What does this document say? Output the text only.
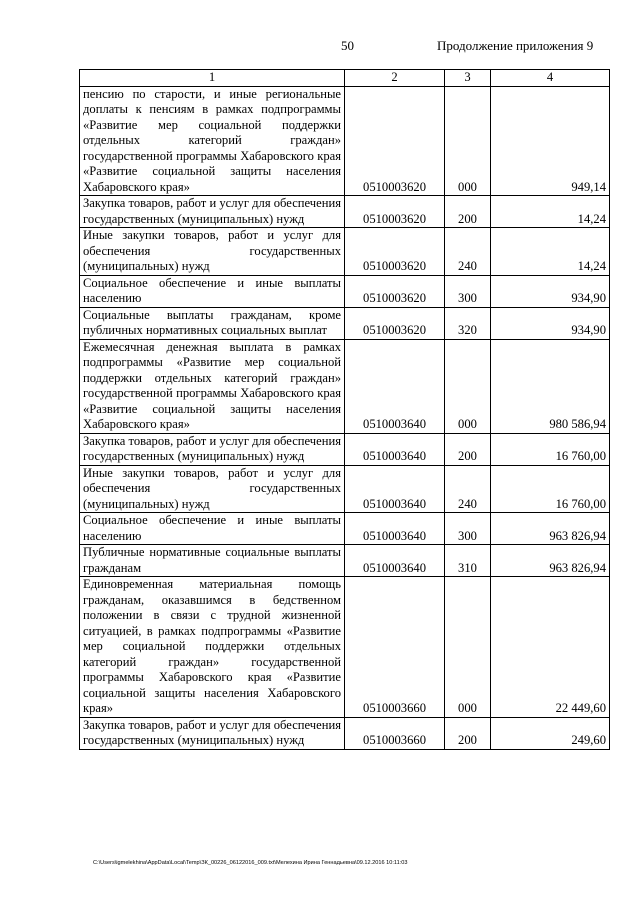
50	Продолжение приложения 9
1	2	3	4
пенсию по старости, и иные региональные доплаты к пенсиям в рамках подпрограммы «Развитие мер социальной поддержки отдельных категорий граждан» государственной программы Хабаровского края «Развитие социальной защиты населения Хабаровского края»	0510003620	000	949,14
Закупка товаров, работ и услуг для обеспечения государственных (муниципальных) нужд	0510003620	200	14,24
Иные закупки товаров, работ и услуг для обеспечения государственных (муниципальных) нужд	0510003620	240	14,24
Социальное обеспечение и иные выплаты населению	0510003620	300	934,90
Социальные выплаты гражданам, кроме публичных нормативных социальных выплат	0510003620	320	934,90
Ежемесячная денежная выплата в рамках подпрограммы «Развитие мер социальной поддержки отдельных категорий граждан» государственной программы Хабаровского края «Развитие социальной защиты населения Хабаровского края»	0510003640	000	980 586,94
Закупка товаров, работ и услуг для обеспечения государственных (муниципальных) нужд	0510003640	200	16 760,00
Иные закупки товаров, работ и услуг для обеспечения государственных (муниципальных) нужд	0510003640	240	16 760,00
Социальное обеспечение и иные выплаты населению	0510003640	300	963 826,94
Публичные нормативные социальные выплаты гражданам	0510003640	310	963 826,94
Единовременная материальная помощь гражданам, оказавшимся в бедственном положении в связи с трудной жизненной ситуацией, в рамках подпрограммы «Развитие мер социальной поддержки отдельных категорий граждан» государственной программы Хабаровского края «Развитие социальной защиты населения Хабаровского края»	0510003660	000	22 449,60
Закупка товаров, работ и услуг для обеспечения государственных (муниципальных) нужд	0510003660	200	249,60
C:\Users\igmelekhina\AppData\Local\Temp\ЗК_00226_06122016_009.txt\Мелехина Ирина Геннадьевна\09.12.2016 10:11:03
